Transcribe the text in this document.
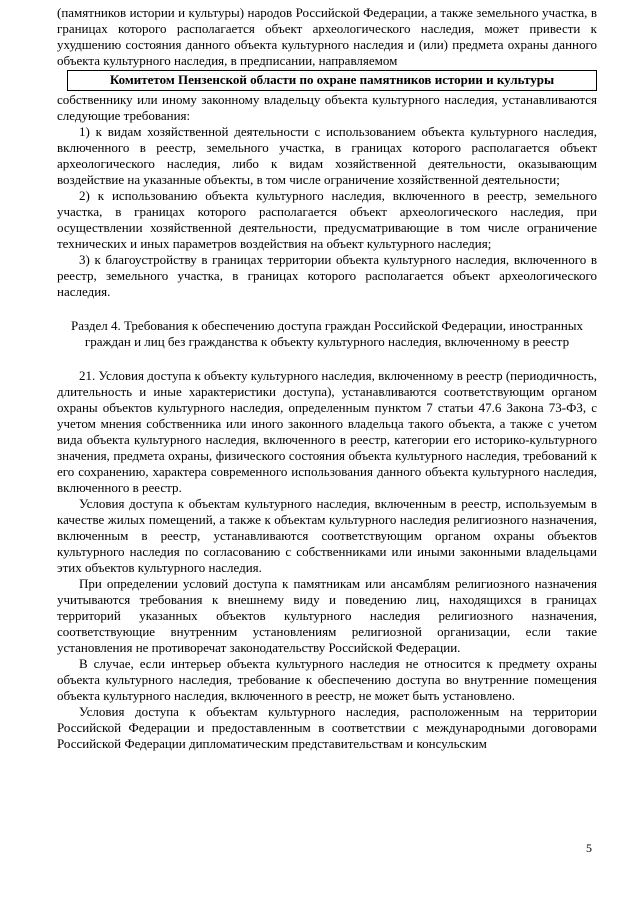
(памятников истории и культуры) народов Российской Федерации, а также земельного участка, в границах которого располагается объект археологического наследия, может привести к ухудшению состояния данного объекта культурного наследия и (или) предмета охраны данного объекта культурного наследия, в предписании, направляемом

Комитетом Пензенской области по охране памятников истории и культуры

собственнику или иному законному владельцу объекта культурного наследия, устанавливаются следующие требования:

1) к видам хозяйственной деятельности с использованием объекта культурного наследия, включенного в реестр, земельного участка, в границах которого располагается объект археологического наследия, либо к видам хозяйственной деятельности, оказывающим воздействие на указанные объекты, в том числе ограничение хозяйственной деятельности;

2) к использованию объекта культурного наследия, включенного в реестр, земельного участка, в границах которого располагается объект археологического наследия, при осуществлении хозяйственной деятельности, предусматривающие в том числе ограничение технических и иных параметров воздействия на объект культурного наследия;

3) к благоустройству в границах территории объекта культурного наследия, включенного в реестр, земельного участка, в границах которого располагается объект археологического наследия.

Раздел 4. Требования к обеспечению доступа граждан Российской Федерации, иностранных граждан и лиц без гражданства к объекту культурного наследия, включенному в реестр

21. Условия доступа к объекту культурного наследия, включенному в реестр (периодичность, длительность и иные характеристики доступа), устанавливаются соответствующим органом охраны объектов культурного наследия, определенным пунктом 7 статьи 47.6 Закона 73-ФЗ, с учетом мнения собственника или иного законного владельца такого объекта, а также с учетом вида объекта культурного наследия, включенного в реестр, категории его историко-культурного значения, предмета охраны, физического состояния объекта культурного наследия, требований к его сохранению, характера современного использования данного объекта культурного наследия, включенного в реестр.

Условия доступа к объектам культурного наследия, включенным в реестр, используемым в качестве жилых помещений, а также к объектам культурного наследия религиозного назначения, включенным в реестр, устанавливаются соответствующим органом охраны объектов культурного наследия по согласованию с собственниками или иными законными владельцами этих объектов культурного наследия.

При определении условий доступа к памятникам или ансамблям религиозного назначения учитываются требования к внешнему виду и поведению лиц, находящихся в границах территорий указанных объектов культурного наследия религиозного назначения, соответствующие внутренним установлениям религиозной организации, если такие установления не противоречат законодательству Российской Федерации.

В случае, если интерьер объекта культурного наследия не относится к предмету охраны объекта культурного наследия, требование к обеспечению доступа во внутренние помещения объекта культурного наследия, включенного в реестр, не может быть установлено.

Условия доступа к объектам культурного наследия, расположенным на территории Российской Федерации и предоставленным в соответствии с международными договорами Российской Федерации дипломатическим представительствам и консульским

5
